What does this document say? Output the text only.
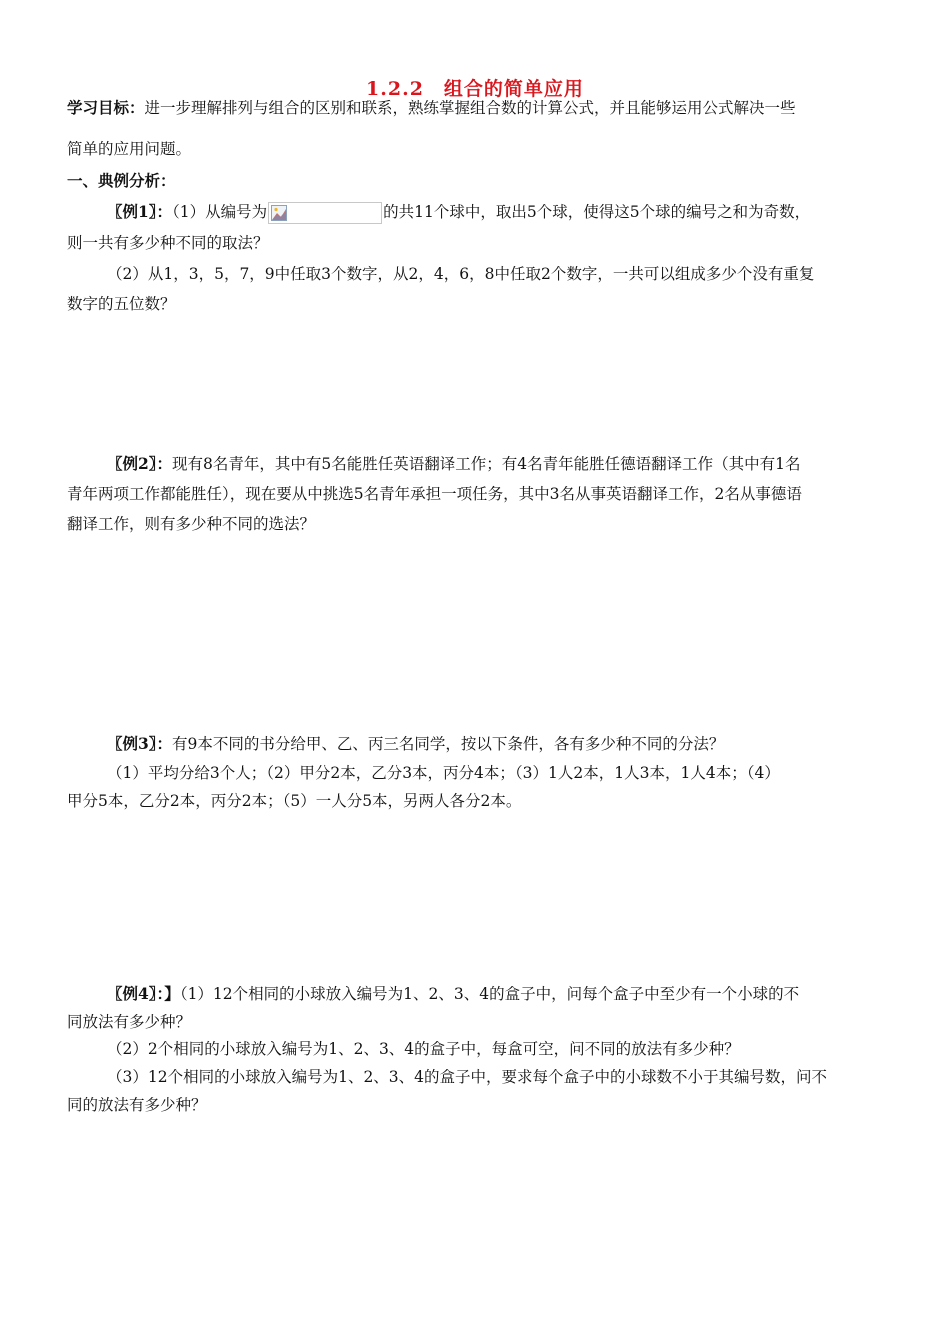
1.2.2　组合的简单应用
学习目标：进一步理解排列与组合的区别和联系，熟练掌握组合数的计算公式，并且能够运用公式解决一些
简单的应用问题。
一、典例分析：
〖例1〗：（1）从编号为	的共11个球中，取出5个球，使得这5个球的编号之和为奇数，
则一共有多少种不同的取法？
（2）从1，3，5，7，9中任取3个数字，从2，4，6，8中任取2个数字，一共可以组成多少个没有重复
数字的五位数？
〖例2〗：现有8名青年，其中有5名能胜任英语翻译工作；有4名青年能胜任德语翻译工作（其中有1名
青年两项工作都能胜任），现在要从中挑选5名青年承担一项任务，其中3名从事英语翻译工作，2名从事德语
翻译工作，则有多少种不同的选法？
〖例3〗：有9本不同的书分给甲、乙、丙三名同学，按以下条件，各有多少种不同的分法？
（1）平均分给3个人；（2）甲分2本，乙分3本，丙分4本；（3）1人2本，1人3本，1人4本；（4）
甲分5本，乙分2本，丙分2本；（5）一人分5本，另两人各分2本。
〖例4〗：】（1）12个相同的小球放入编号为1、2、3、4的盒子中，问每个盒子中至少有一个小球的不
同放法有多少种？
（2）2个相同的小球放入编号为1、2、3、4的盒子中，每盒可空，问不同的放法有多少种？
（3）12个相同的小球放入编号为1、2、3、4的盒子中，要求每个盒子中的小球数不小于其编号数，问不
同的放法有多少种？
